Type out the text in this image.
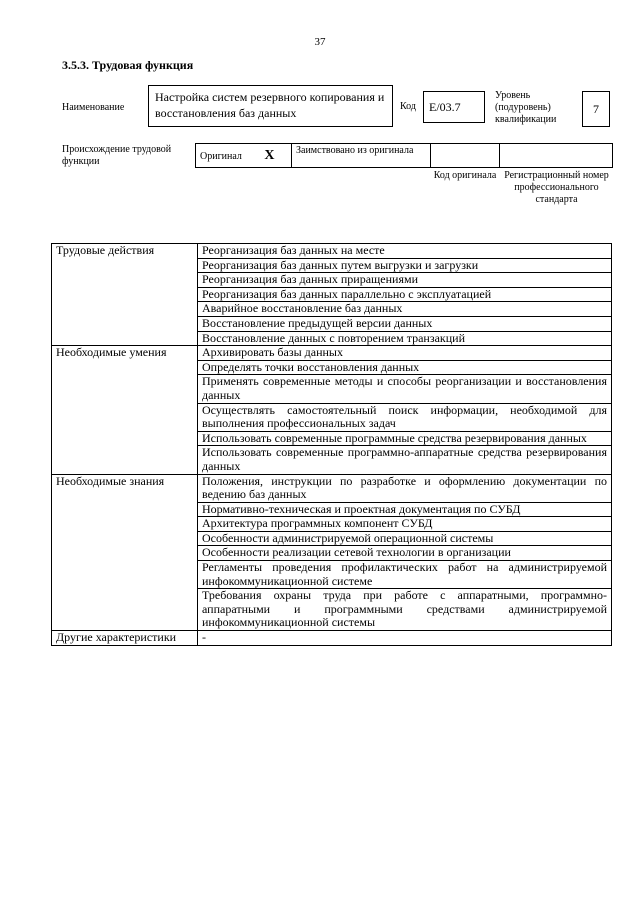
37
3.5.3. Трудовая функция
Наименование
Настройка систем резервного копирования и восстановления баз данных	Код	E/03.7
Уровень (подуровень) квалификации
7
Происхождение трудовой функции	Оригинал X	Заимствовано из оригинала
Код оригинала Регистрационный номер профессионального стандарта
Трудовые действия	Реорганизация баз данных на месте
	Реорганизация баз данных путем выгрузки и загрузки
	Реорганизация баз данных приращениями
	Реорганизация баз данных параллельно с эксплуатацией
	Аварийное восстановление баз данных
	Восстановление предыдущей версии данных
	Восстановление данных с повторением транзакций
Необходимые умения	Архивировать базы данных
	Определять точки восстановления данных
	Применять современные методы и способы реорганизации и восстановления данных
	Осуществлять самостоятельный поиск информации, необходимой для выполнения профессиональных задач
	Использовать современные программные средства резервирования данных
	Использовать современные программно-аппаратные средства резервирования данных
Необходимые знания	Положения, инструкции по разработке и оформлению документации по ведению баз данных
	Нормативно-техническая и проектная документация по СУБД
	Архитектура программных компонент СУБД
	Особенности администрируемой операционной системы
	Особенности реализации сетевой технологии в организации
	Регламенты проведения профилактических работ на администрируемой инфокоммуникационной системе
	Требования охраны труда при работе с аппаратными, программно-аппаратными и программными средствами администрируемой инфокоммуникационной системы
Другие характеристики	-
